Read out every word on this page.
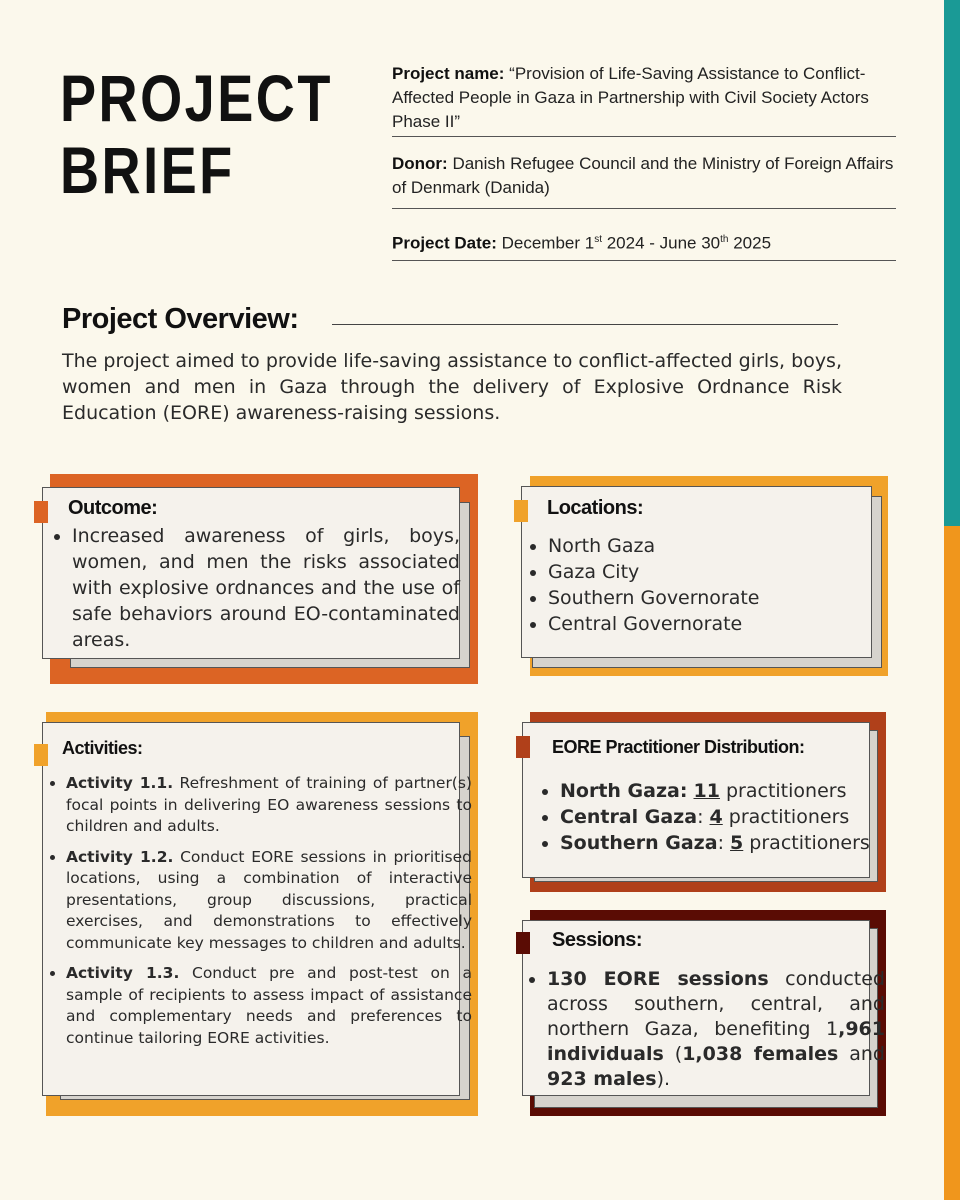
PROJECT
BRIEF
Project name: “Provision of Life-Saving Assistance to Conflict-Affected People in Gaza in Partnership with Civil Society Actors Phase II”
Donor: Danish Refugee Council and the Ministry of Foreign Affairs of Denmark (Danida)
Project Date: December 1st 2024 - June 30th 2025
Project Overview:
The project aimed to provide life-saving assistance to conflict-affected girls, boys, women and men in Gaza through the delivery of Explosive Ordnance Risk Education (EORE) awareness-raising sessions.
Outcome:
• Increased awareness of girls, boys, women, and men the risks associated with explosive ordnances and the use of safe behaviors around EO-contaminated areas.
Locations:
• North Gaza
• Gaza City
• Southern Governorate
• Central Governorate
Activities:
• Activity 1.1. Refreshment of training of partner(s) focal points in delivering EO awareness sessions to children and adults.
• Activity 1.2. Conduct EORE sessions in prioritised locations, using a combination of interactive presentations, group discussions, practical exercises, and demonstrations to effectively communicate key messages to children and adults.
• Activity 1.3. Conduct pre and post-test on a sample of recipients to assess impact of assistance and complementary needs and preferences to continue tailoring EORE activities.
EORE Practitioner Distribution:
• North Gaza: 11 practitioners
• Central Gaza: 4 practitioners
• Southern Gaza: 5 practitioners
Sessions:
• 130 EORE sessions conducted across southern, central, and northern Gaza, benefiting 1,961 individuals (1,038 females and 923 males).
